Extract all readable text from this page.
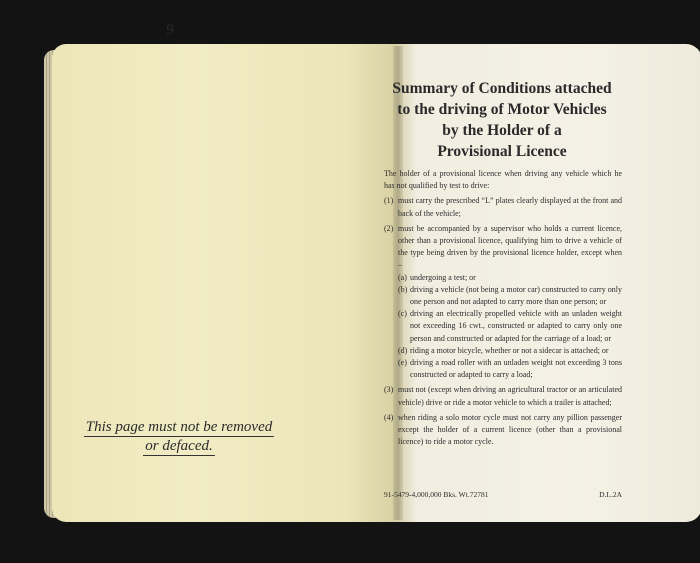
9
This page must not be removed
or defaced.
Summary of Conditions attached
to the driving of Motor Vehicles
by the Holder of a
Provisional Licence

The holder of a provisional licence when driving any vehicle which he has not qualified by test to drive:

(1) must carry the prescribed “L” plates clearly displayed at the front and back of the vehicle;
(2) must be accompanied by a supervisor who holds a current licence, other than a provisional licence, qualifying him to drive a vehicle of the type being driven by the provisional licence holder, except when –
(a) undergoing a test; or
(b) driving a vehicle (not being a motor car) constructed to carry only one person and not adapted to carry more than one person; or
(c) driving an electrically propelled vehicle with an unladen weight not exceeding 16 cwt., constructed or adapted to carry only one person and constructed or adapted for the carriage of a load; or
(d) riding a motor bicycle, whether or not a sidecar is attached; or
(e) driving a road roller with an unladen weight not exceeding 3 tons constructed or adapted to carry a load;
(3) must not (except when driving an agricultural tractor or an articulated vehicle) drive or ride a motor vehicle to which a trailer is attached;
(4) when riding a solo motor cycle must not carry any pillion passenger except the holder of a current licence (other than a provisional licence) to ride a motor cycle.
91-5479-4,000,000 Bks. Wt.72781	D.L.2A
